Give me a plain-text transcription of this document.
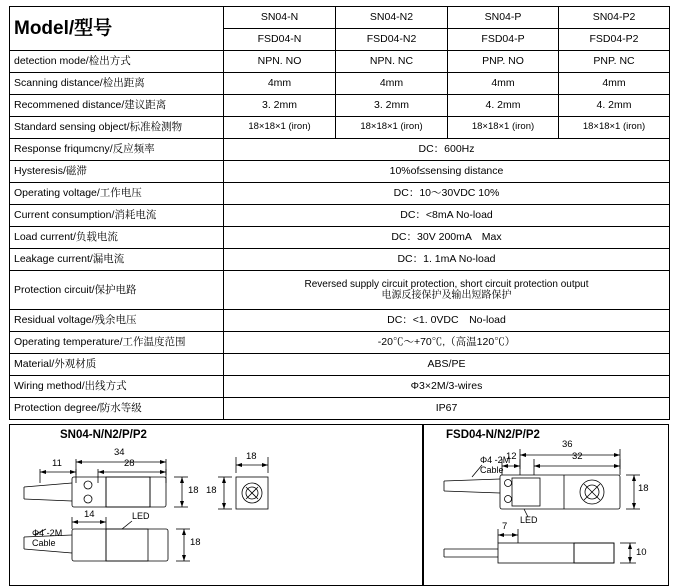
Model/型号	SN04-N	SN04-N2	SN04-P	SN04-P2
	FSD04-N	FSD04-N2	FSD04-P	FSD04-P2
detection mode/检出方式	NPN. NO	NPN. NC	PNP. NO	PNP. NC
Scanning distance/检出距离	4mm	4mm	4mm	4mm
Recommened distance/建议距离	3. 2mm	3. 2mm	4. 2mm	4. 2mm
Standard sensing object/标准检测物	18×18×1 (iron)	18×18×1 (iron)	18×18×1 (iron)	18×18×1 (iron)
Response friqumcny/反应频率	DC：600Hz			
Hysteresis/磁滞	10%of≤sensing distance			
Operating voltage/工作电压	DC：10～30VDC 10%			
Current consumption/消耗电流	DC：<8mA No-load			
Load current/负载电流	DC：30V 200mA　Max			
Leakage current/漏电流	DC：1. 1mA No-load			
Protection circuit/保护电路	Reversed supply circuit protection, short circuit protection output
电源反接保护及输出短路保护			

Residual voltage/残余电压	DC：<1. 0VDC　No-load			
Operating temperature/工作温度范围	-20℃～+70℃,（高温120℃）			
Material/外观材质	ABS/PE			
Wiring method/出线方式	Φ3×2M/3-wires			
Protection degree/防水等级	IP67			
SN04-N/N2/P/P2
34
28
11
18
18
18
14
18
LED
Φ4 -2M
Cable
FSD04-N/N2/P/P2
36
32
12
18
7
10
Φ4 -2M
Cable
LED
